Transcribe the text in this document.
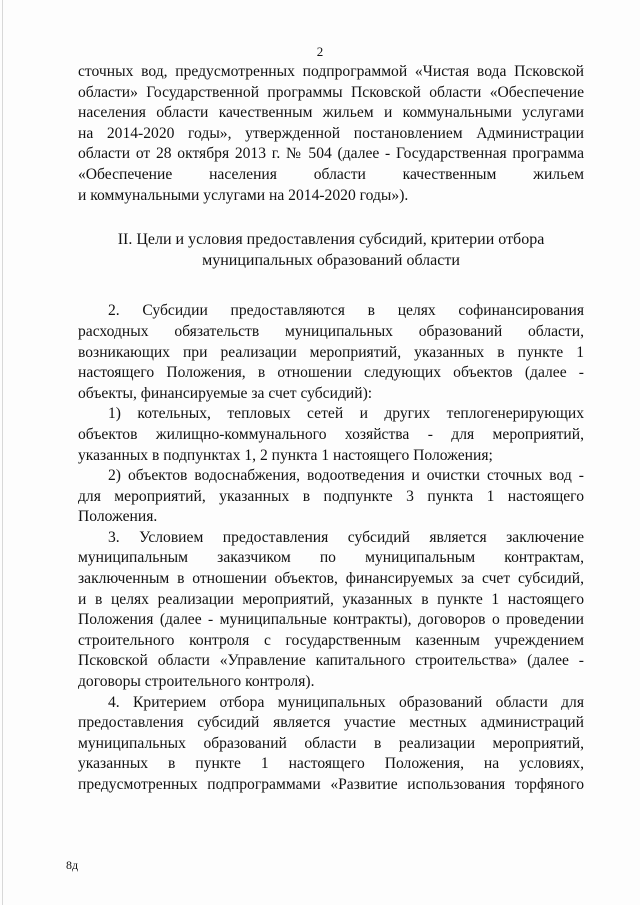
2
сточных вод, предусмотренных подпрограммой «Чистая вода Псковской
области» Государственной программы Псковской области «Обеспечение
населения области качественным жильем и коммунальными услугами
на 2014-2020 годы», утвержденной постановлением Администрации
области от 28 октября 2013 г. № 504 (далее - Государственная программа
«Обеспечение населения области качественным жильем
и коммунальными услугами на 2014-2020 годы»).
II. Цели и условия предоставления субсидий, критерии отбора
муниципальных образований области
2. Субсидии предоставляются в целях софинансирования
расходных обязательств муниципальных образований области,
возникающих при реализации мероприятий, указанных в пункте 1
настоящего Положения, в отношении следующих объектов (далее -
объекты, финансируемые за счет субсидий):
1) котельных, тепловых сетей и других теплогенерирующих
объектов жилищно-коммунального хозяйства - для мероприятий,
указанных в подпунктах 1, 2 пункта 1 настоящего Положения;
2) объектов водоснабжения, водоотведения и очистки сточных вод -
для мероприятий, указанных в подпункте 3 пункта 1 настоящего
Положения.
3. Условием предоставления субсидий является заключение
муниципальным заказчиком по муниципальным контрактам,
заключенным в отношении объектов, финансируемых за счет субсидий,
и в целях реализации мероприятий, указанных в пункте 1 настоящего
Положения (далее - муниципальные контракты), договоров о проведении
строительного контроля с государственным казенным учреждением
Псковской области «Управление капитального строительства» (далее -
договоры строительного контроля).
4. Критерием отбора муниципальных образований области для
предоставления субсидий является участие местных администраций
муниципальных образований области в реализации мероприятий,
указанных в пункте 1 настоящего Положения, на условиях,
предусмотренных подпрограммами «Развитие использования торфяного
8д
